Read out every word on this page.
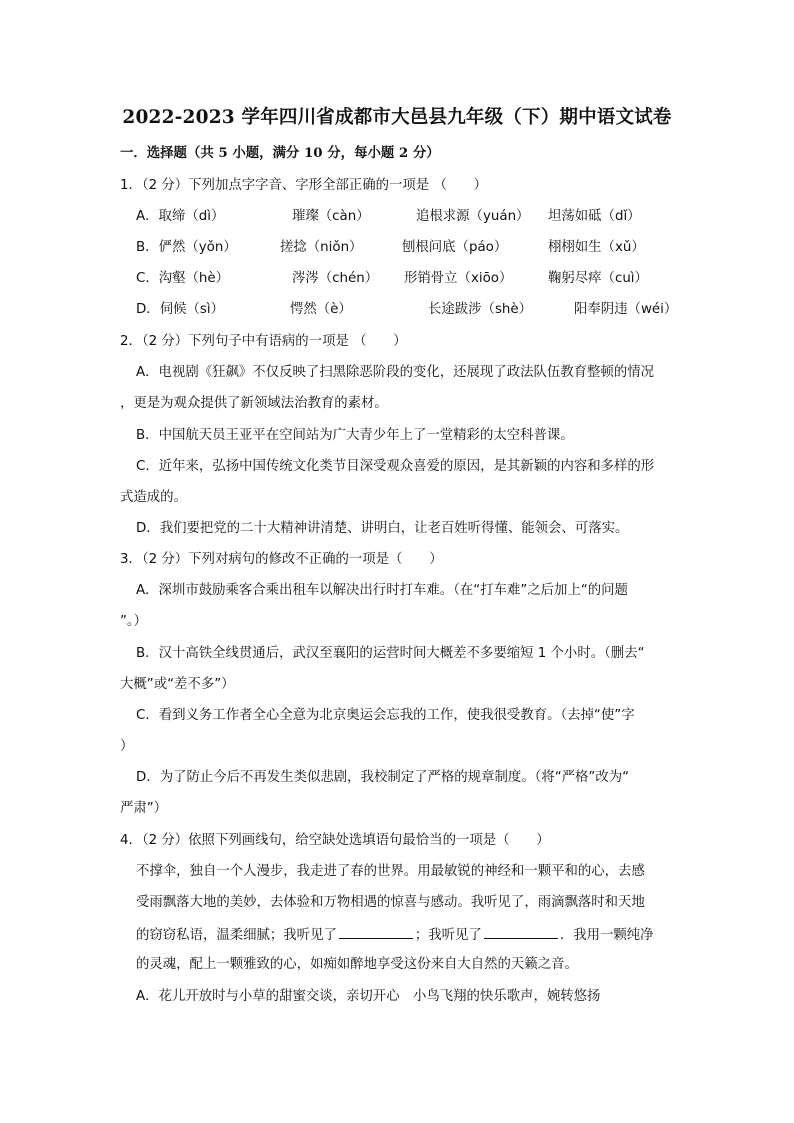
2022-2023 学年四川省成都市大邑县九年级（下）期中语文试卷

一．选择题（共 5 小题，满分 10 分，每小题 2 分）

1．（2 分）下列加点字字音、字形全部正确的一项是 （　　）

A．取缔（dì）	璀璨（càn）	追根求源（yuán） 坦荡如砥（dǐ）
B．俨然（yǒn）	搓捻（niǒn）	刨根问底（páo）	栩栩如生（xǔ）
C．沟壑（hè）	涔涔（chén） 形销骨立（xiōo）	鞠躬尽瘁（cuì）
D．伺候（sì）	愕然（è）	长途跋涉（shè）	阳奉阴违（wéi）

2．（2 分）下列句子中有语病的一项是 （　　）

A．电视剧《狂飙》不仅反映了扫黑除恶阶段的变化，还展现了政法队伍教育整顿的情况

，更是为观众提供了新领域法治教育的素材。

B．中国航天员王亚平在空间站为广大青少年上了一堂精彩的太空科普课。

C．近年来，弘扬中国传统文化类节目深受观众喜爱的原因，是其新颖的内容和多样的形

式造成的。

D．我们要把党的二十大精神讲清楚、讲明白，让老百姓听得懂、能领会、可落实。

3．（2 分）下列对病句的修改不正确的一项是（　　）

A．深圳市鼓励乘客合乘出租车以解决出行时打车难。（在“打车难”之后加上“的问题

”。）

B．汉十高铁全线贯通后，武汉至襄阳的运营时间大概差不多要缩短 1 个小时。（删去“

大概”或“差不多”）

C．看到义务工作者全心全意为北京奥运会忘我的工作，使我很受教育。（去掉“使”字

）

D．为了防止今后不再发生类似悲剧，我校制定了严格的规章制度。（将“严格”改为“

严肃”）

4．（2 分）依照下列画线句，给空缺处选填语句最恰当的一项是（　　）

不撑伞，独自一个人漫步，我走进了春的世界。用最敏锐的神经和一颗平和的心，去感

受雨飘落大地的美妙，去体验和万物相遇的惊喜与感动。我听见了，雨滴飘落时和天地

的窃窃私语，温柔细腻；我听见了	；我听见了	．我用一颗纯净

的灵魂，配上一颗雅致的心，如痴如醉地享受这份来自大自然的天籁之音。

A．花儿开放时与小草的甜蜜交谈，亲切开心　小鸟飞翔的快乐歌声，婉转悠扬
